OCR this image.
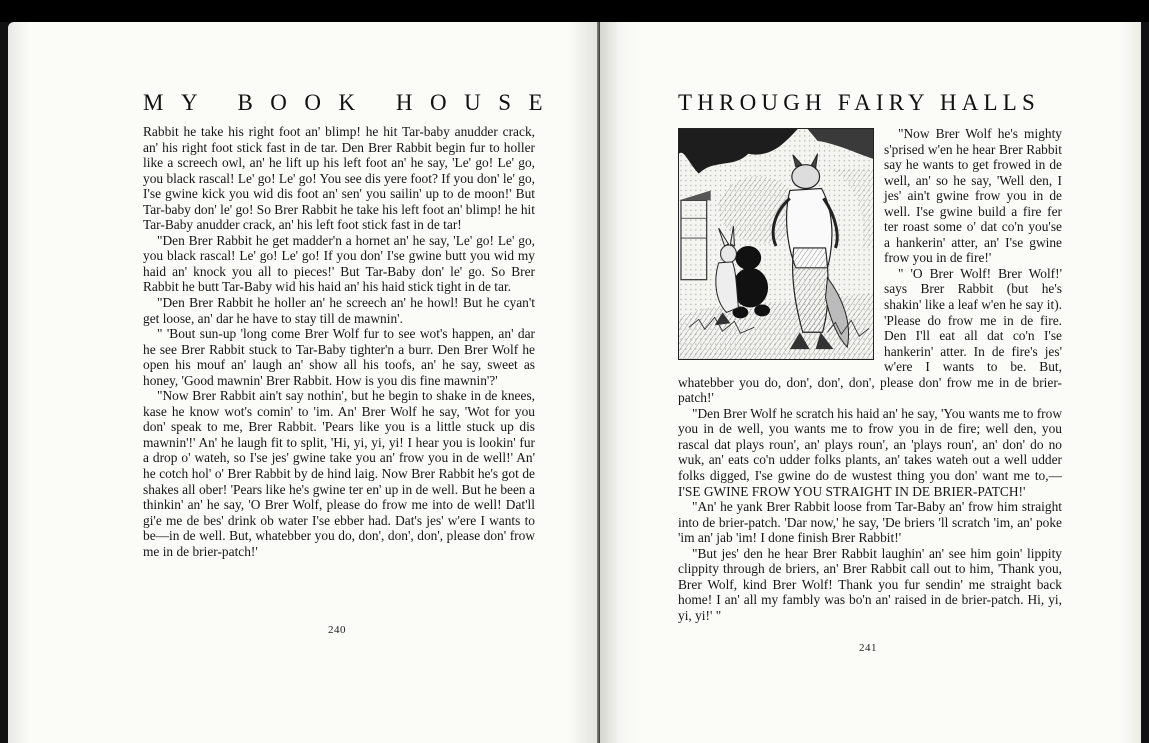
MY BOOK HOUSE

Rabbit he take his right foot an' blimp! he hit Tar-baby anudder crack, an' his right foot stick fast in de tar. Den Brer Rabbit begin fur to holler like a screech owl, an' he lift up his left foot an' he say, 'Le' go! Le' go, you black rascal! Le' go! Le' go! You see dis yere foot? If you don' le' go, I'se gwine kick you wid dis foot an' sen' you sailin' up to de moon!' But Tar-baby don' le' go! So Brer Rabbit he take his left foot an' blimp! he hit Tar-Baby anudder crack, an' his left foot stick fast in de tar!

"Den Brer Rabbit he get madder'n a hornet an' he say, 'Le' go! Le' go, you black rascal! Le' go! Le' go! If you don' I'se gwine butt you wid my haid an' knock you all to pieces!' But Tar-Baby don' le' go. So Brer Rabbit he butt Tar-Baby wid his haid an' his haid stick tight in de tar.

"Den Brer Rabbit he holler an' he screech an' he howl! But he cyan't get loose, an' dar he have to stay till de mawnin'.

" 'Bout sun-up 'long come Brer Wolf fur to see wot's happen, an' dar he see Brer Rabbit stuck to Tar-Baby tighter'n a burr. Den Brer Wolf he open his mouf an' laugh an' show all his toofs, an' he say, sweet as honey, 'Good mawnin' Brer Rabbit. How is you dis fine mawnin'?'

"Now Brer Rabbit ain't say nothin', but he begin to shake in de knees, kase he know wot's comin' to 'im. An' Brer Wolf he say, 'Wot for you don' speak to me, Brer Rabbit. 'Pears like you is a little stuck up dis mawnin'!' An' he laugh fit to split, 'Hi, yi, yi, yi! I hear you is lookin' fur a drop o' wateh, so I'se jes' gwine take you an' frow you in de well!' An' he cotch hol' o' Brer Rabbit by de hind laig. Now Brer Rabbit he's got de shakes all ober! 'Pears like he's gwine ter en' up in de well. But he been a thinkin' an' he say, 'O Brer Wolf, please do frow me into de well! Dat'll gi'e me de bes' drink ob water I'se ebber had. Dat's jes' w'ere I wants to be—in de well. But, whatebber you do, don', don', don', please don' frow me in de brier-patch!'

240
THROUGH FAIRY HALLS

"Now Brer Wolf he's mighty s'prised w'en he hear Brer Rabbit say he wants to get frowed in de well, an' so he say, 'Well den, I jes' ain't gwine frow you in de well. I'se gwine build a fire fer ter roast some o' dat co'n you'se a hankerin' atter, an' I'se gwine frow you in de fire!'

" 'O Brer Wolf! Brer Wolf!' says Brer Rabbit (but he's shakin' like a leaf w'en he say it). 'Please do frow me in de fire. Den I'll eat all dat co'n I'se hankerin' atter. In de fire's jes' w'ere I wants to be. But, whatebber you do, don', don', don', please don' frow me in de brier-patch!'

"Den Brer Wolf he scratch his haid an' he say, 'You wants me to frow you in de well, you wants me to frow you in de fire; well den, you rascal dat plays roun', an' plays roun', an 'plays roun', an' don' do no wuk, an' eats co'n udder folks plants, an' takes wateh out a well udder folks digged, I'se gwine do de wustest thing you don' want me to,—I'SE GWINE FROW YOU STRAIGHT IN DE BRIER-PATCH!'

"An' he yank Brer Rabbit loose from Tar-Baby an' frow him straight into de brier-patch. 'Dar now,' he say, 'De briers 'll scratch 'im, an' poke 'im an' jab 'im! I done finish Brer Rabbit!'

"But jes' den he hear Brer Rabbit laughin' an' see him goin' lippity clippity through de briers, an' Brer Rabbit call out to him, 'Thank you, Brer Wolf, kind Brer Wolf! Thank you fur sendin' me straight back home! I an' all my fambly was bo'n an' raised in de brier-patch. Hi, yi, yi, yi!' "

241
